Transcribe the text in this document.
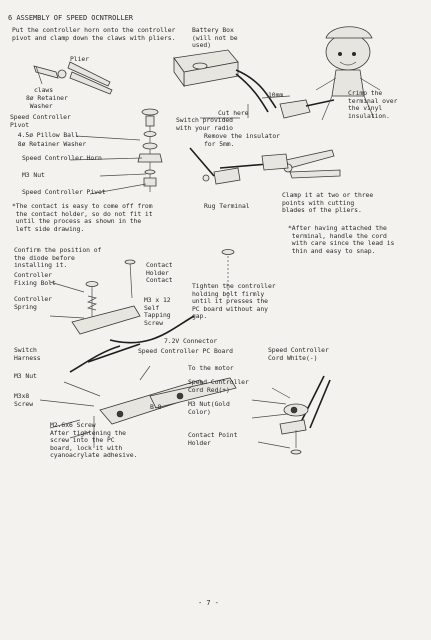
6 ASSEMBLY OF SPEED OCNTROLLER
Put the controller horn onto the controller
pivot and clamp down the claws with pliers.
Plier
claws
8ø Retainer
Washer
Speed Controller
Pivot
4.5ø Pillow Ball
8ø Retainer Washer
Speed Controller Horn
M3 Nut
Speed Controller Pivot
*The contact is easy to come off from
the contact holder, so do not fit it
until the process as shown in the
left side drawing.
Battery Box
(will not be
used)
Cut here
Switch provided
with your radio
Remove the insulator
for 5mm.
10mm	Crimp the
terminal over
the vinyl
insulation.
Rug Terminal
Clamp it at two or three
points with cutting
blades of the pliers.
*After having attached the
terminal, handle the cord
with care since the lead is
thin and easy to snap.
Confirm the position of
the diode before
installing it.
Controller
Fixing Bolt
Controller
Spring
Contact
Holder
Contact
M3 x 12
Self
Tapping
Screw
Tighten the controller
holding bolt firmly
until it presses the
PC board without any
gap.
7.2V Connector
Switch
Harness
Speed Controller PC Board
M3 Nut
M3x8
Screw	B-8
M2.6x6 Screw
After tightening the
screw into the PC
board, lock it with
cyanoacrylate adhesive.
To the motor
Speed Controller
Cord Red(+)
M3 Nut(Gold
Color)
Speed Controller
Cord White(-)
Contact Point
Holder
- 7 -
